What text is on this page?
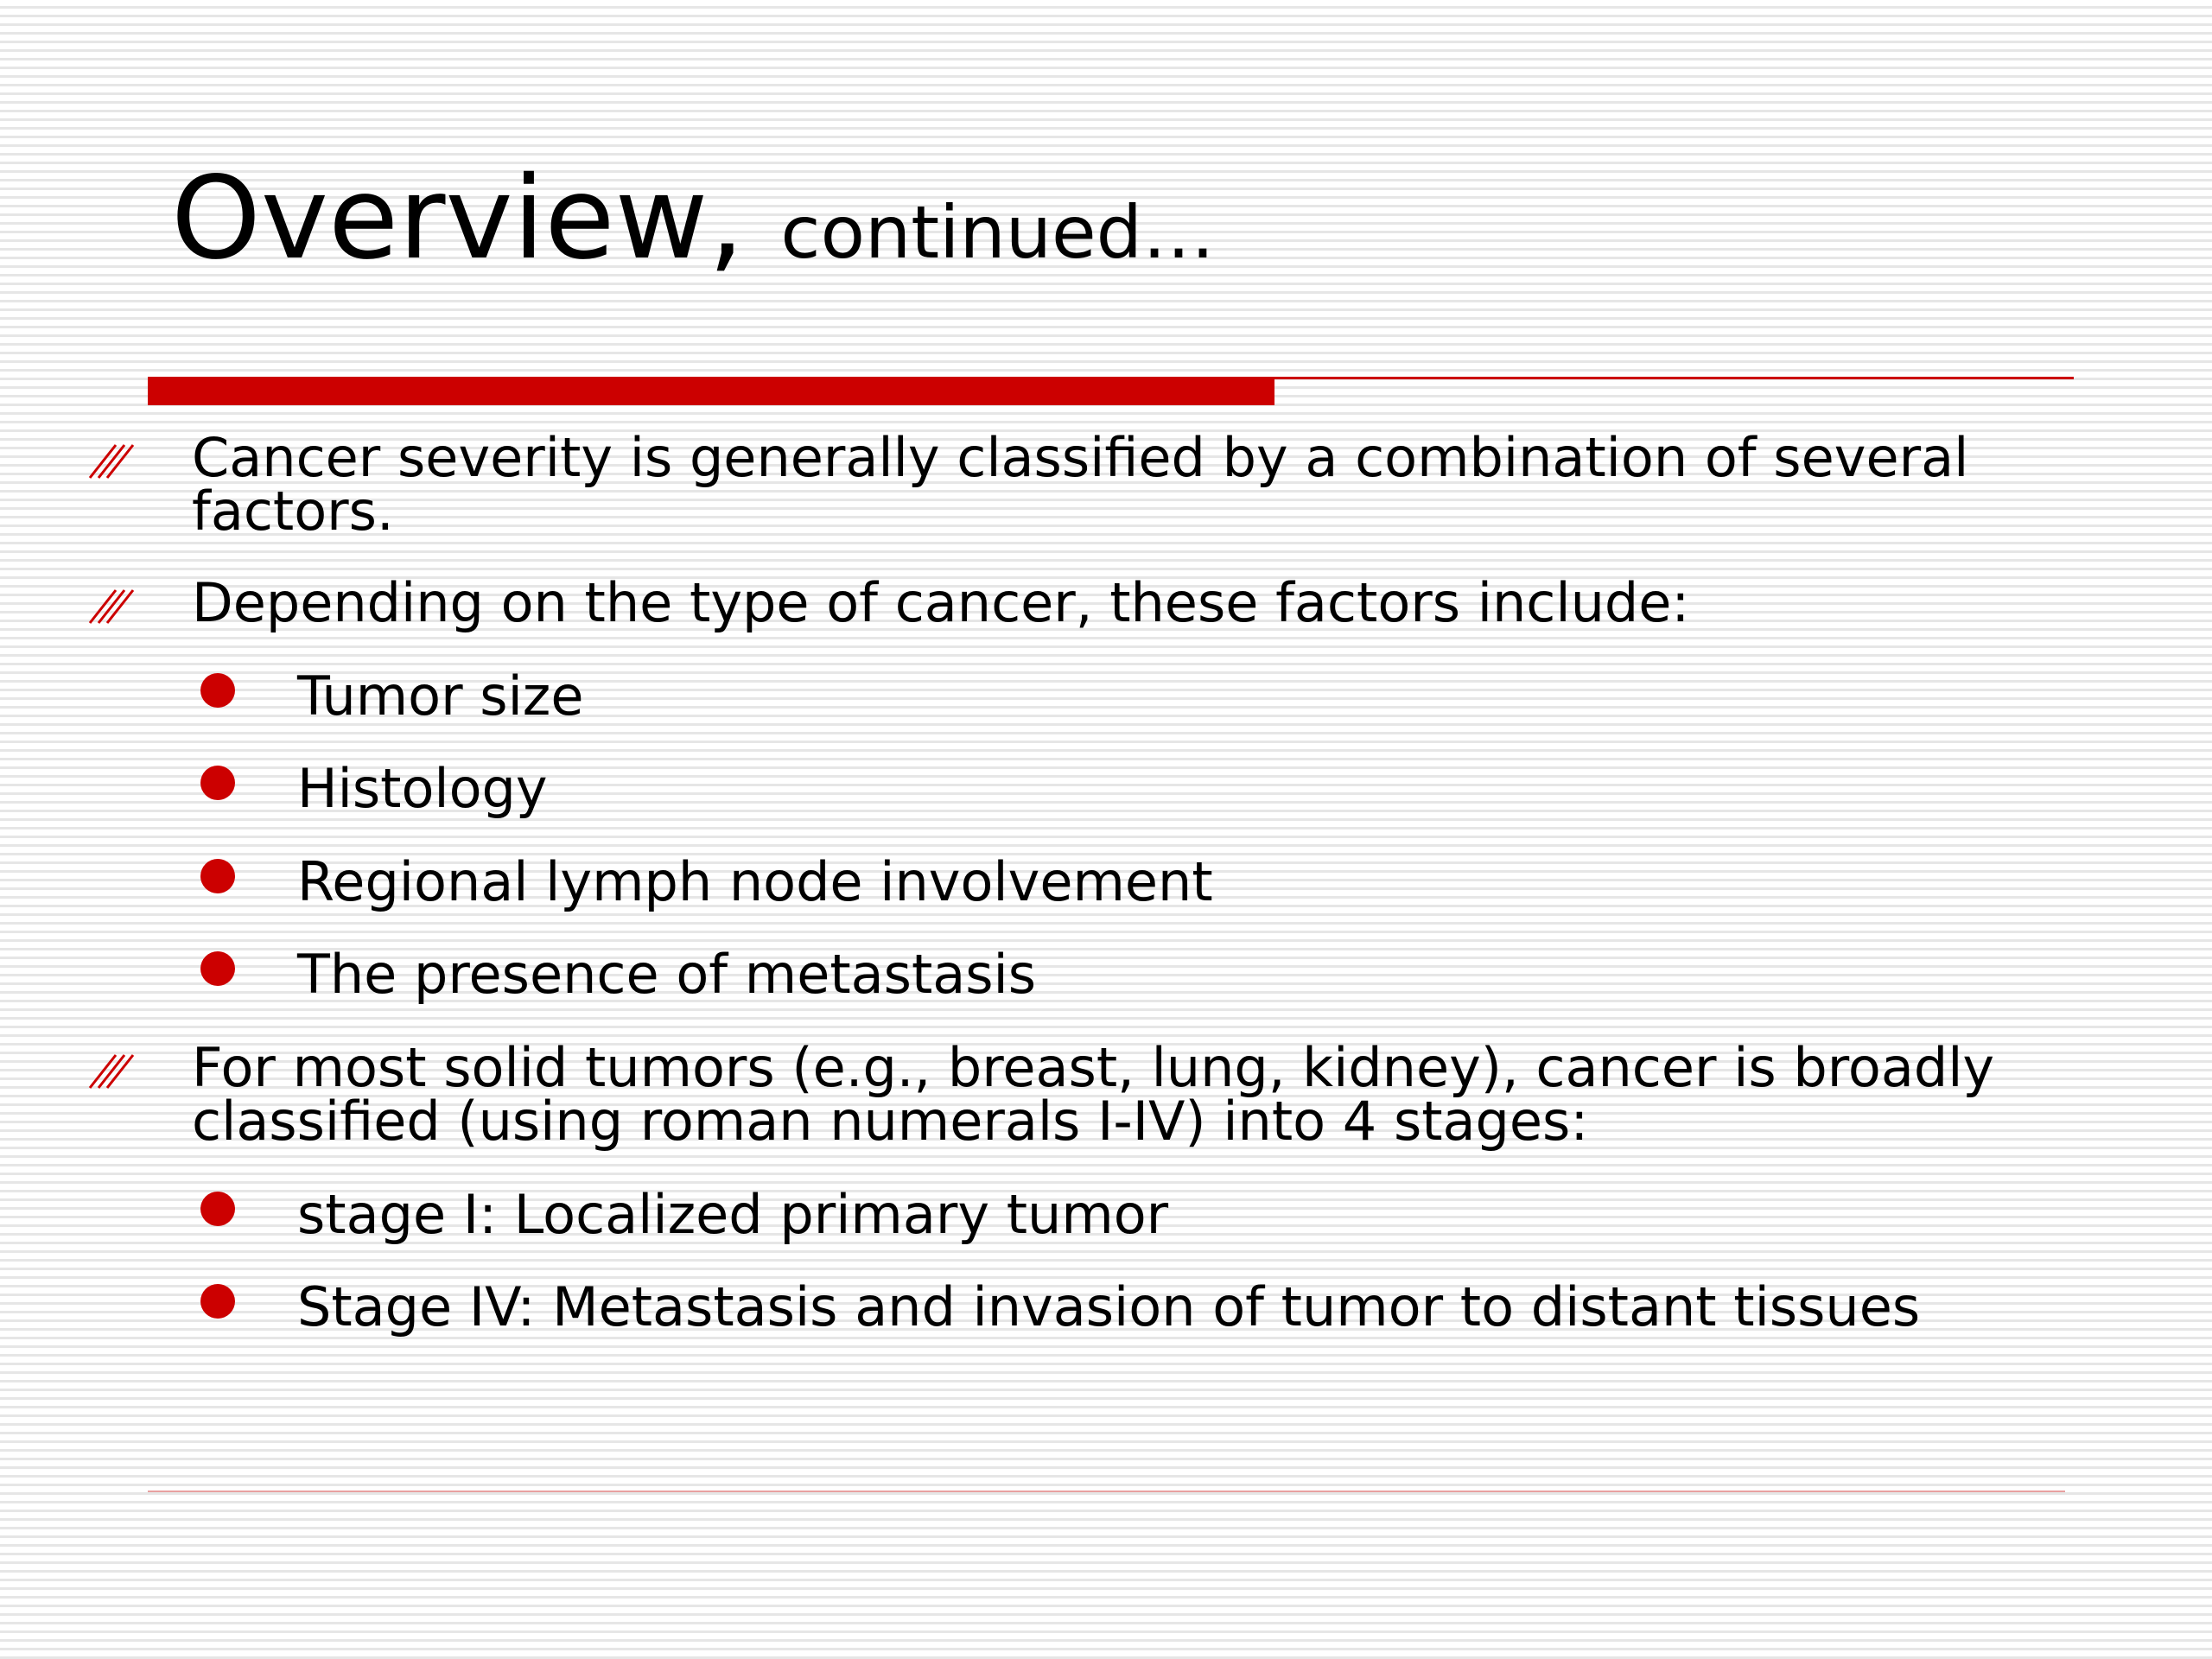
Overview, continued…
Cancer severity is generally classified by a combination of several factors.
Depending on the type of cancer, these factors include:
Tumor size
Histology
Regional lymph node involvement
The presence of metastasis
For most solid tumors (e.g., breast, lung, kidney), cancer is broadly classified (using roman numerals I-IV) into 4 stages:
stage I: Localized primary tumor
Stage IV: Metastasis and invasion of tumor to distant tissues
